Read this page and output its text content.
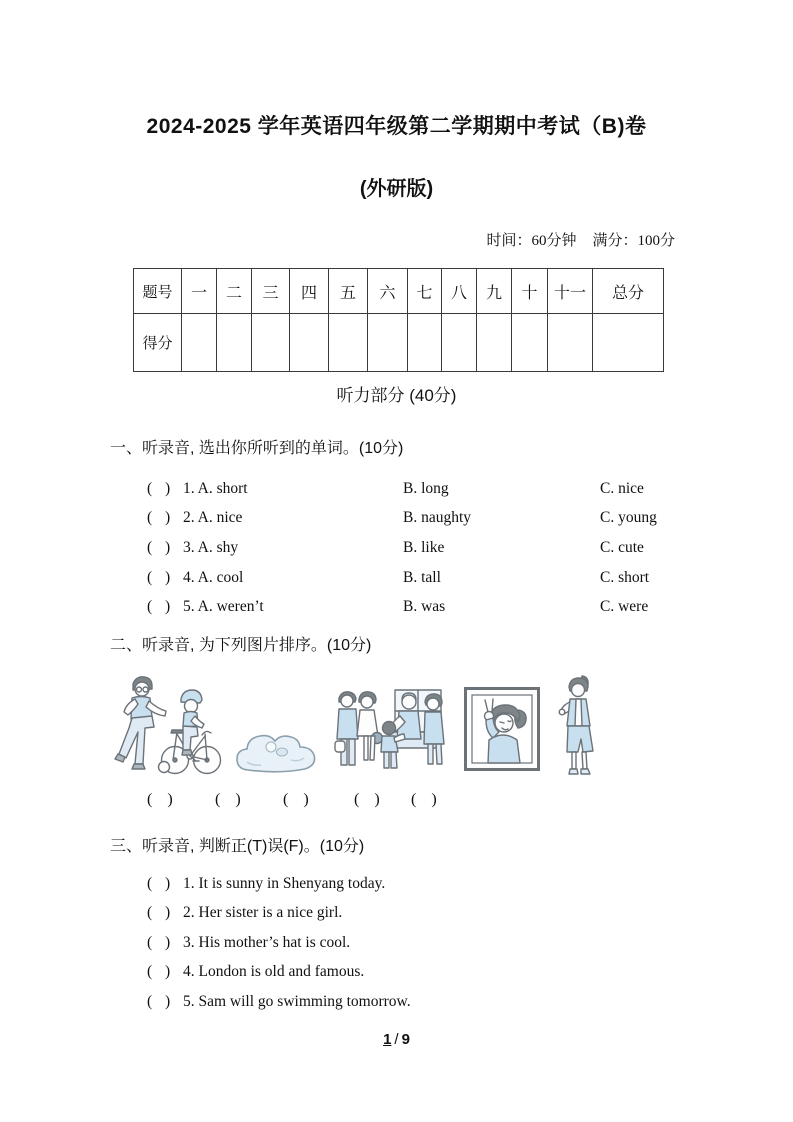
2024-2025 学年英语四年级第二学期期中考试（B)卷
(外研版)
时间：60分钟 满分：100分
题号	一	二	三	四	五	六	七	八	九	十	十一	总分
得分												
听力部分 (40分)
一、听录音, 选出你所听到的单词。(10分)
( ) 1. A. short	B. long	C. nice
( ) 2. A. nice	B. naughty	C. young
( ) 3. A. shy	B. like	C. cute
( ) 4. A. cool	B. tall	C. short
( ) 5. A. weren’t	B. was	C. were
二、听录音, 为下列图片排序。(10分)
( )	( )	( )	( ) ( )
三、听录音, 判断正(T)误(F)。(10分)
( ) 1. It is sunny in Shenyang today.
( ) 2. Her sister is a nice girl.
( ) 3. His mother’s hat is cool.
( ) 4. London is old and famous.
( ) 5. Sam will go swimming tomorrow.
1 / 9
